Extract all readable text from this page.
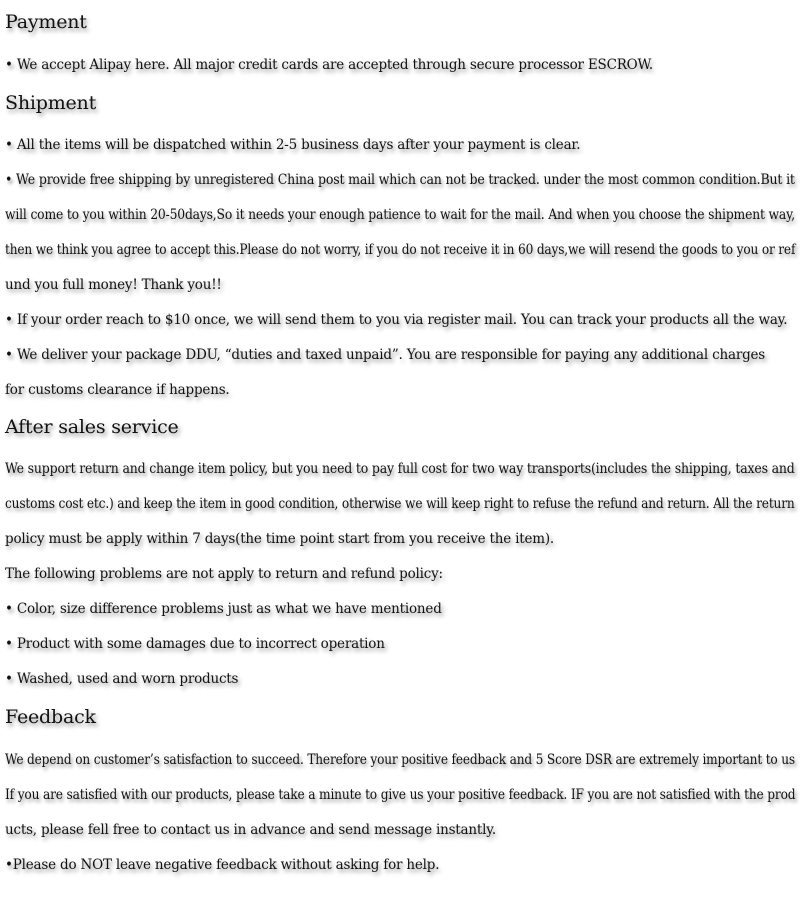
Payment
• We accept Alipay here. All major credit cards are accepted through secure processor ESCROW.
Shipment
• All the items will be dispatched within 2-5 business days after your payment is clear.
• We provide free shipping by unregistered China post mail which can not be tracked. under the most common condition.But it
will come to you within 20-50days,So it needs your enough patience to wait for the mail. And when you choose the shipment way,
then we think you agree to accept this.Please do not worry, if you do not receive it in 60 days,we will resend the goods to you or ref
und you full money! Thank you!!
• If your order reach to $10 once, we will send them to you via register mail. You can track your products all the way.
• We deliver your package DDU, “duties and taxed unpaid”. You are responsible for paying any additional charges
for customs clearance if happens.
After sales service
We support return and change item policy, but you need to pay full cost for two way transports(includes the shipping, taxes and
customs cost etc.) and keep the item in good condition, otherwise we will keep right to refuse the refund and return. All the return
policy must be apply within 7 days(the time point start from you receive the item).
The following problems are not apply to return and refund policy:
• Color, size difference problems just as what we have mentioned
• Product with some damages due to incorrect operation
• Washed, used and worn products
Feedback
We depend on customer’s satisfaction to succeed. Therefore your positive feedback and 5 Score DSR are extremely important to us
If you are satisfied with our products, please take a minute to give us your positive feedback. IF you are not satisfied with the prod
ucts, please fell free to contact us in advance and send message instantly.
•Please do NOT leave negative feedback without asking for help.
